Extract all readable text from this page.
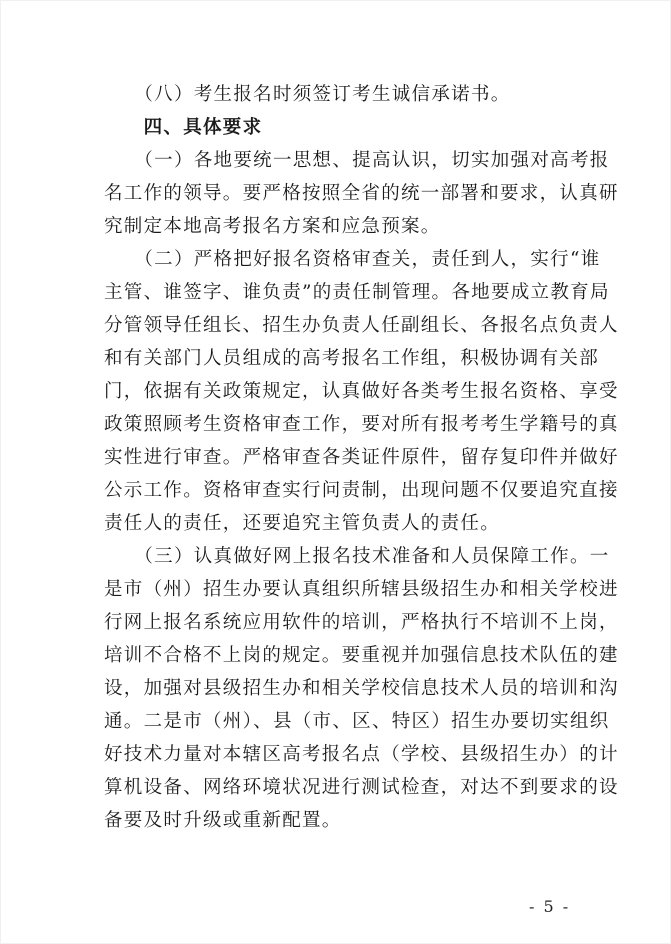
　　（八）考生报名时须签订考生诚信承诺书。
　　四、具体要求
　　（一）各地要统一思想、提高认识，切实加强对高考报
名工作的领导。要严格按照全省的统一部署和要求，认真研
究制定本地高考报名方案和应急预案。
　　（二）严格把好报名资格审查关，责任到人，实行“谁
主管、谁签字、谁负责”的责任制管理。各地要成立教育局
分管领导任组长、招生办负责人任副组长、各报名点负责人
和有关部门人员组成的高考报名工作组，积极协调有关部
门，依据有关政策规定，认真做好各类考生报名资格、享受
政策照顾考生资格审查工作，要对所有报考考生学籍号的真
实性进行审查。严格审查各类证件原件，留存复印件并做好
公示工作。资格审查实行问责制，出现问题不仅要追究直接
责任人的责任，还要追究主管负责人的责任。
　　（三）认真做好网上报名技术准备和人员保障工作。一
是市（州）招生办要认真组织所辖县级招生办和相关学校进
行网上报名系统应用软件的培训，严格执行不培训不上岗，
培训不合格不上岗的规定。要重视并加强信息技术队伍的建
设，加强对县级招生办和相关学校信息技术人员的培训和沟
通。二是市（州）、县（市、区、特区）招生办要切实组织
好技术力量对本辖区高考报名点（学校、县级招生办）的计
算机设备、网络环境状况进行测试检查，对达不到要求的设
备要及时升级或重新配置。
- 5 -
